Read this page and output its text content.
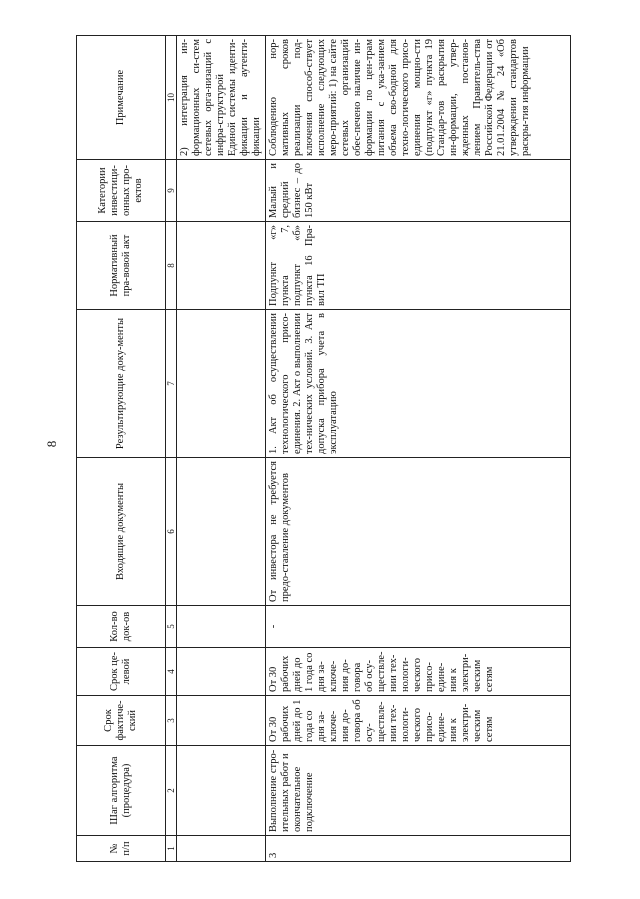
8
№ п/п	Шаг алгоритма (процедура)	Срок фактиче-ский	Срок це-левой	Кол-во док-ов	Входящие документы	Результирующие доку-менты	Нормативный пра-вовой акт	Категории инвестици-онных про-ектов	Примечание
1	2	3	4	5	6	7	8	9	10
									2) интеграция ин-формационных си-стем сетевых орга-низаций с инфра-структурой Единой системы иденти-фикации и аутенти-фикации
3	Выполнение стро-ительных работ и окончательное подключение	От 30 рабочих дней до 1 года со дня за-ключе-ния до-говора об осу-ществле-нии тех-нологи-ческого присо-едине-ния к электри-ческим сетям	От 30 рабочих дней до 1 года со дня за-ключе-ния до-говора об осу-ществле-нии тех-нологи-ческого присо-едине-ния к электри-ческим сетям	-	От инвестора не требуется предо-ставление документов	1. Акт об осуществлении технологического присо-единения. 2. Акт о выполнении тех-нических условий. 3. Акт допуска прибора учета в эксплуатацию	Подпункт «г» пункта 7, подпункт «б» пункта 16 Пра-вил ТП	Малый и средний бизнес – до 150 кВт	Соблюдению нор-мативных сроков реализации под-ключения способ-ствует исполнение следующих меро-приятий: 1) на сайте сетевых организаций обес-печено наличие ин-формации по цен-трам питания с ука-занием объема сво-бодной для техно-логического присо-единения мощно-сти (подпункт «г» пункта 19 Стандар-тов раскрытия ин-формации, утвер-жденных постанов-лением Правитель-ства Российской Федерации от 21.01.2004 № 24 «Об утверждении стандартов раскры-тия информации
